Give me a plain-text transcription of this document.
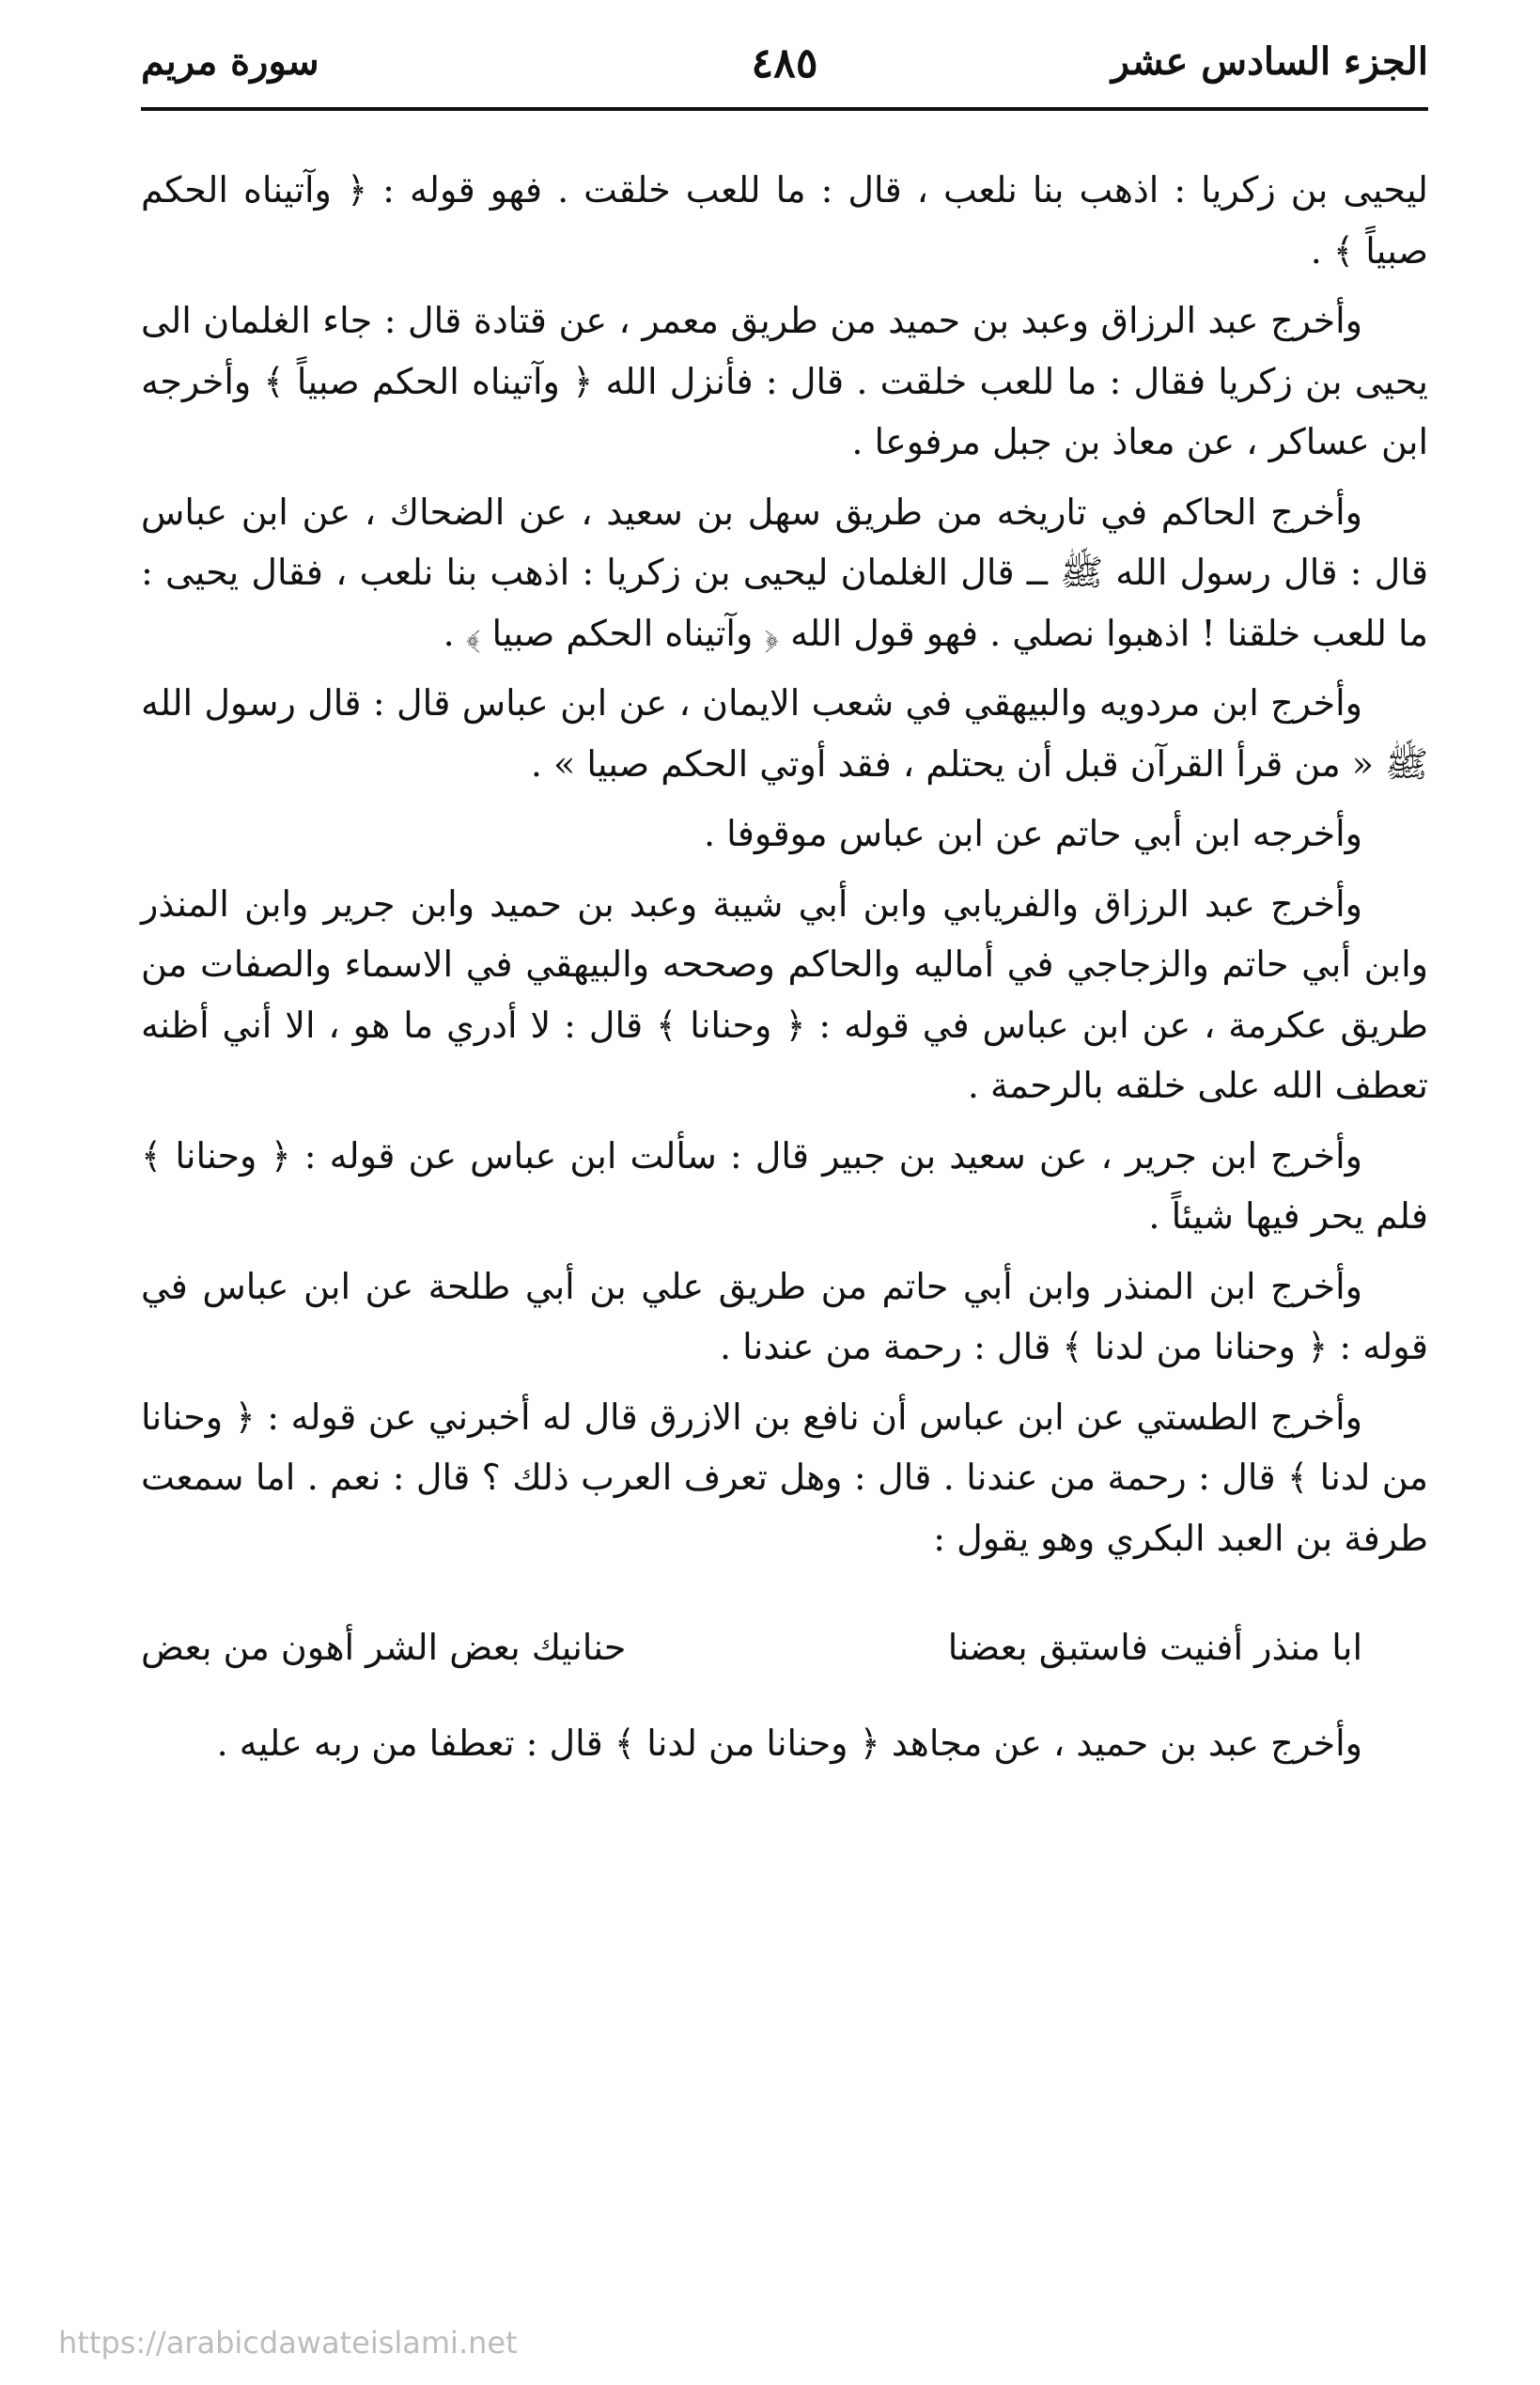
الجزء السادس عشر
٤٨٥
سورة مريم

ليحيى بن زكريا : اذهب بنا نلعب ، قال : ما للعب خلقت . فهو قوله : ﴿ وآتيناه الحكم صبياً ﴾ .

وأخرج عبد الرزاق وعبد بن حميد من طريق معمر ، عن قتادة قال : جاء الغلمان الى يحيى بن زكريا فقال : ما للعب خلقت . قال : فأنزل الله ﴿ وآتيناه الحكم صبياً ﴾ وأخرجه ابن عساكر ، عن معاذ بن جبل مرفوعا .

وأخرج الحاكم في تاريخه من طريق سهل بن سعيد ، عن الضحاك ، عن ابن عباس قال : قال رسول الله ﷺ ــ قال الغلمان ليحيى بن زكريا : اذهب بنا نلعب ، فقال يحيى : ما للعب خلقنا ! اذهبوا نصلي . فهو قول الله ﴿ وآتيناه الحكم صبيا ﴾ .

وأخرج ابن مردويه والبيهقي في شعب الايمان ، عن ابن عباس قال : قال رسول الله ﷺ « من قرأ القرآن قبل أن يحتلم ، فقد أوتي الحكم صبيا » .

وأخرجه ابن أبي حاتم عن ابن عباس موقوفا .

وأخرج عبد الرزاق والفريابي وابن أبي شيبة وعبد بن حميد وابن جرير وابن المنذر وابن أبي حاتم والزجاجي في أماليه والحاكم وصححه والبيهقي في الاسماء والصفات من طريق عكرمة ، عن ابن عباس في قوله : ﴿ وحنانا ﴾ قال : لا أدري ما هو ، الا أني أظنه تعطف الله على خلقه بالرحمة .

وأخرج ابن جرير ، عن سعيد بن جبير قال : سألت ابن عباس عن قوله : ﴿ وحنانا ﴾ فلم يحر فيها شيئاً .

وأخرج ابن المنذر وابن أبي حاتم من طريق علي بن أبي طلحة عن ابن عباس في قوله : ﴿ وحنانا من لدنا ﴾ قال : رحمة من عندنا .

وأخرج الطستي عن ابن عباس أن نافع بن الازرق قال له أخبرني عن قوله : ﴿ وحنانا من لدنا ﴾ قال : رحمة من عندنا . قال : وهل تعرف العرب ذلك ؟ قال : نعم . اما سمعت طرفة بن العبد البكري وهو يقول :

ابا منذر أفنيت فاستبق بعضنا
حنانيك بعض الشر أهون من بعض

وأخرج عبد بن حميد ، عن مجاهد ﴿ وحنانا من لدنا ﴾ قال : تعطفا من ربه عليه .

https://arabicdawateislami.net
